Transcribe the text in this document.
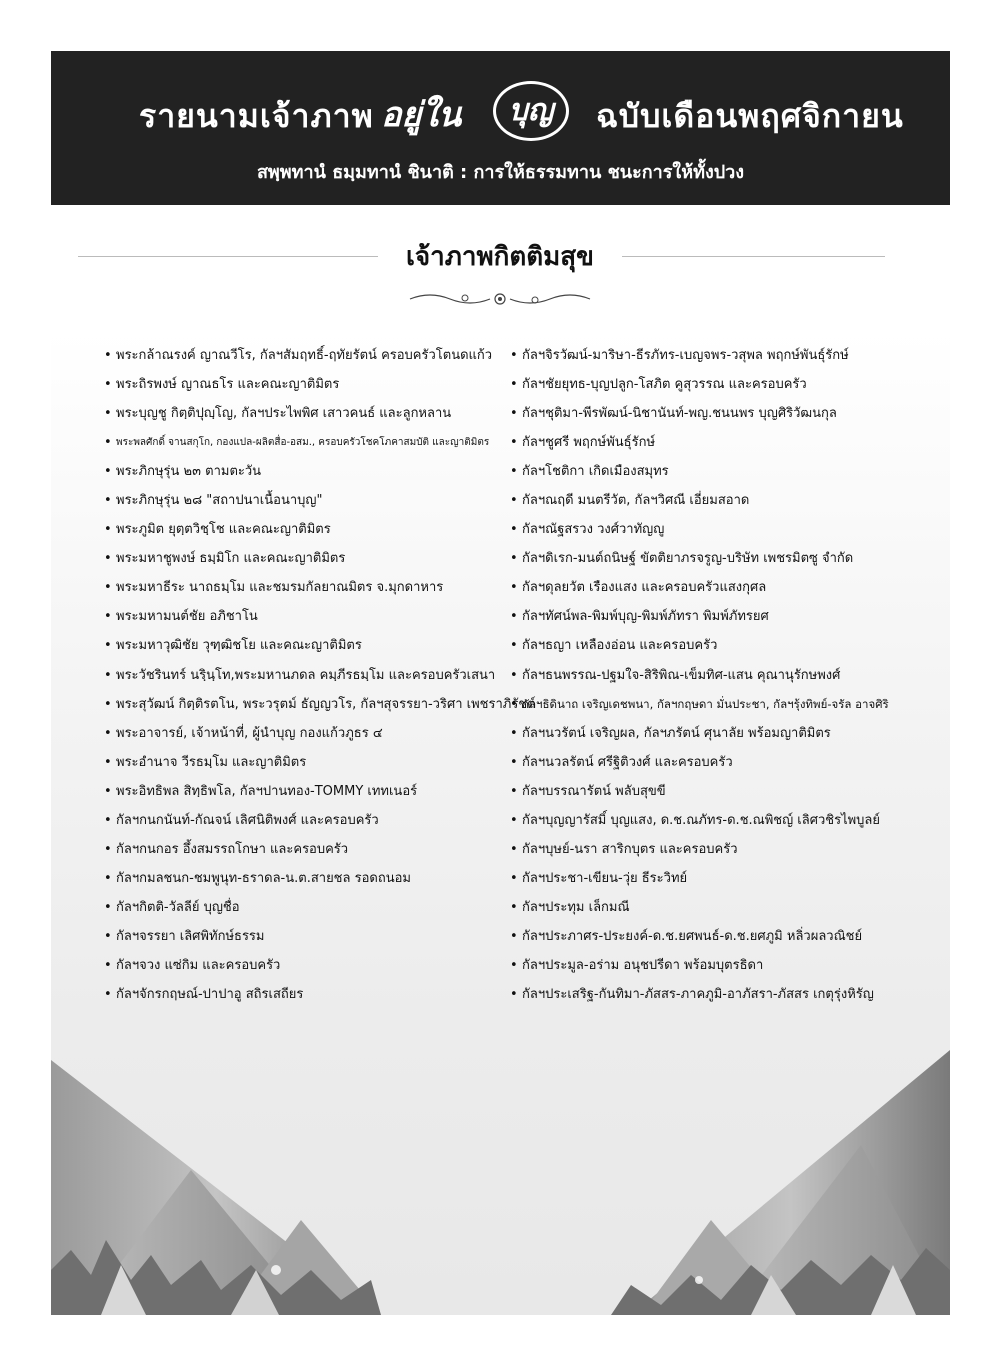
รายนามเจ้าภาพ อยู่ใน	บุญ	ฉบับเดือนพฤศจิกายน
สพฺพทานํ ธมฺมทานํ ชินาติ : การให้ธรรมทาน ชนะการให้ทั้งปวง
เจ้าภาพกิตติมสุข
• พระกล้าณรงค์ ญาณวีโร, กัลฯสัมฤทธิ์-ฤทัยรัตน์ ครอบครัวโตนดแก้ว
• พระถิรพงษ์ ญาณธโร และคณะญาติมิตร
• พระบุญชู กิตฺติปุญฺโญ, กัลฯประไพพิศ เสาวคนธ์ และลูกหลาน
• พระพลศักดิ์ จานสกุโก, กองแปล-ผลิตสื่อ-อสม., ครอบครัวโชคโภคาสมบัติ และญาติมิตร
• พระภิกษุรุ่น ๒๓ ตามตะวัน
• พระภิกษุรุ่น ๒๘ "สถาปนาเนื้อนาบุญ"
• พระภูมิต ยุตฺตวิชฺโช และคณะญาติมิตร
• พระมหาชูพงษ์ ธมฺมิโก และคณะญาติมิตร
• พระมหาธีระ นาถธมฺโม และชมรมกัลยาณมิตร จ.มุกดาหาร
• พระมหามนต์ชัย อภิชาโน
• พระมหาวุฒิชัย วุฑฺฒิชโย และคณะญาติมิตร
• พระวัชรินทร์ นริฺนฺโท,พระมหานภดล คมฺภีรธมฺโม และครอบครัวเสนา
• พระสุวัฒน์ กิตฺติรตโน, พระวรุตม์ ธัญญวโร, กัลฯสุจรรยา-วริศา เพชราภิรัชต์
• พระอาจารย์, เจ้าหน้าที่, ผู้นำบุญ กองแก้วภูธร ๔
• พระอำนาจ วีรธมฺโม และญาติมิตร
• พระอิทธิพล สิทฺธิพโล, กัลฯปานทอง-TOMMY เททเนอร์
• กัลฯกนกนันท์-กัณจน์ เลิศนิติพงศ์ และครอบครัว
• กัลฯกนกอร อึ้งสมรรถโกษา และครอบครัว
• กัลฯกมลชนก-ชมพูนุท-ธราดล-น.ต.สายชล รอดถนอม
• กัลฯกิตติ-วัลลีย์ บุญชื่อ
• กัลฯจรรยา เลิศพิทักษ์ธรรม
• กัลฯจวง แซ่กิม และครอบครัว
• กัลฯจักรกฤษณ์-ปาปาอู สถิรเสถียร
• กัลฯจิรวัฒน์-มาริษา-ธีรภัทร-เบญจพร-วสุพล พฤกษ์พันธุ์รักษ์
• กัลฯชัยยุทธ-บุญปลูก-โสภิต คูสุวรรณ และครอบครัว
• กัลฯชุติมา-พีรพัฒน์-นิชานันท์-พญ.ชนนพร บุญศิริวัฒนกุล
• กัลฯชูศรี พฤกษ์พันธุ์รักษ์
• กัลฯโชติกา เกิดเมืองสมุทร
• กัลฯณฤดี มนตรีวัต, กัลฯวิศณี เอี่ยมสอาด
• กัลฯณัฐสรวง วงศ์วาทัญญู
• กัลฯดิเรก-มนต์ถนิษฐ์ ขัตติยาภรจรูญ-บริษัท เพชรมิตซู จำกัด
• กัลฯดุลยวัต เรืองแสง และครอบครัวแสงกุศล
• กัลฯทัศน์พล-พิมพ์บุญ-พิมพ์ภัทรา พิมพ์ภัทรยศ
• กัลฯธญา เหลืองอ่อน และครอบครัว
• กัลฯธนพรรณ-ปฐมใจ-สิริพิณ-เข็มทิศ-แสน คุณานุรักษพงศ์
• กัลฯธิดินาถ เจริญเดชพนา, กัลฯกฤษดา มั่นประชา, กัลฯรุ้งทิพย์-จรัล อาจศิริ
• กัลฯนวรัตน์ เจริญผล, กัลฯภรัตน์ ศุนาลัย พร้อมญาติมิตร
• กัลฯนวลรัตน์ ศรีฐิติวงศ์ และครอบครัว
• กัลฯบรรณารัตน์ พลับสุขขี
• กัลฯบุญญารัสมิ์ บุญแสง, ด.ช.ณภัทร-ด.ช.ณพิชญ์ เลิศวชิรไพบูลย์
• กัลฯบุษย์-นรา สาริกบุตร และครอบครัว
• กัลฯประชา-เขียน-วุ่ย ธีระวิทย์
• กัลฯประทุม เล็กมณี
• กัลฯประภาศร-ประยงค์-ด.ช.ยศพนธ์-ด.ช.ยศภูมิ หลิ่วผลวณิชย์
• กัลฯประมูล-อร่าม อนุชปรีดา พร้อมบุตรธิดา
• กัลฯประเสริฐ-กันทิมา-ภัสสร-ภาคภูมิ-อาภัสรา-ภัสสร เกตุรุ่งหิรัญ
